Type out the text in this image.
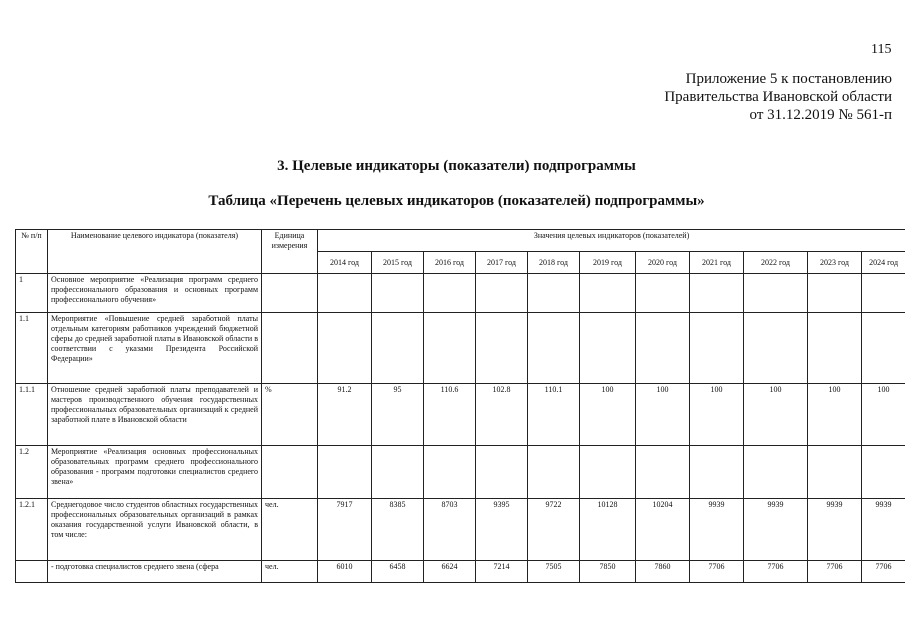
115
Приложение 5 к постановлению
Правительства Ивановской области
от 31.12.2019 № 561-п
3. Целевые индикаторы (показатели) подпрограммы
Таблица «Перечень целевых индикаторов (показателей) подпрограммы»
№ п/п	Наименование целевого индикатора (показателя)	Единица измерения	Значения целевых индикаторов (показателей)										
			2014 год	2015 год	2016 год	2017 год	2018 год	2019 год	2020 год	2021 год	2022 год	2023 год	2024 год
1	Основное мероприятие «Реализация программ среднего профессионального образования и основных программ профессионального обучения»												
1.1	Мероприятие «Повышение средней заработной платы отдельным категориям работников учреждений бюджетной сферы до средней заработной платы в Ивановской области в соответствии с указами Президента Российской Федерации»												
1.1.1	Отношение средней заработной платы преподавателей и мастеров производственного обучения государственных профессиональных образовательных организаций к средней заработной плате в Ивановской области	%	91.2	95	110.6	102.8	110.1	100	100	100	100	100	100
1.2	Мероприятие «Реализация основных профессиональных образовательных программ среднего профессионального образования - программ подготовки специалистов среднего звена»												
1.2.1	Среднегодовое число студентов областных государственных профессиональных образовательных организаций в рамках оказания государственной услуги Ивановской области, в том числе:	чел.	7917	8385	8703	9395	9722	10128	10204	9939	9939	9939	9939
	- подготовка специалистов среднего звена (сфера	чел.	6010	6458	6624	7214	7505	7850	7860	7706	7706	7706	7706
